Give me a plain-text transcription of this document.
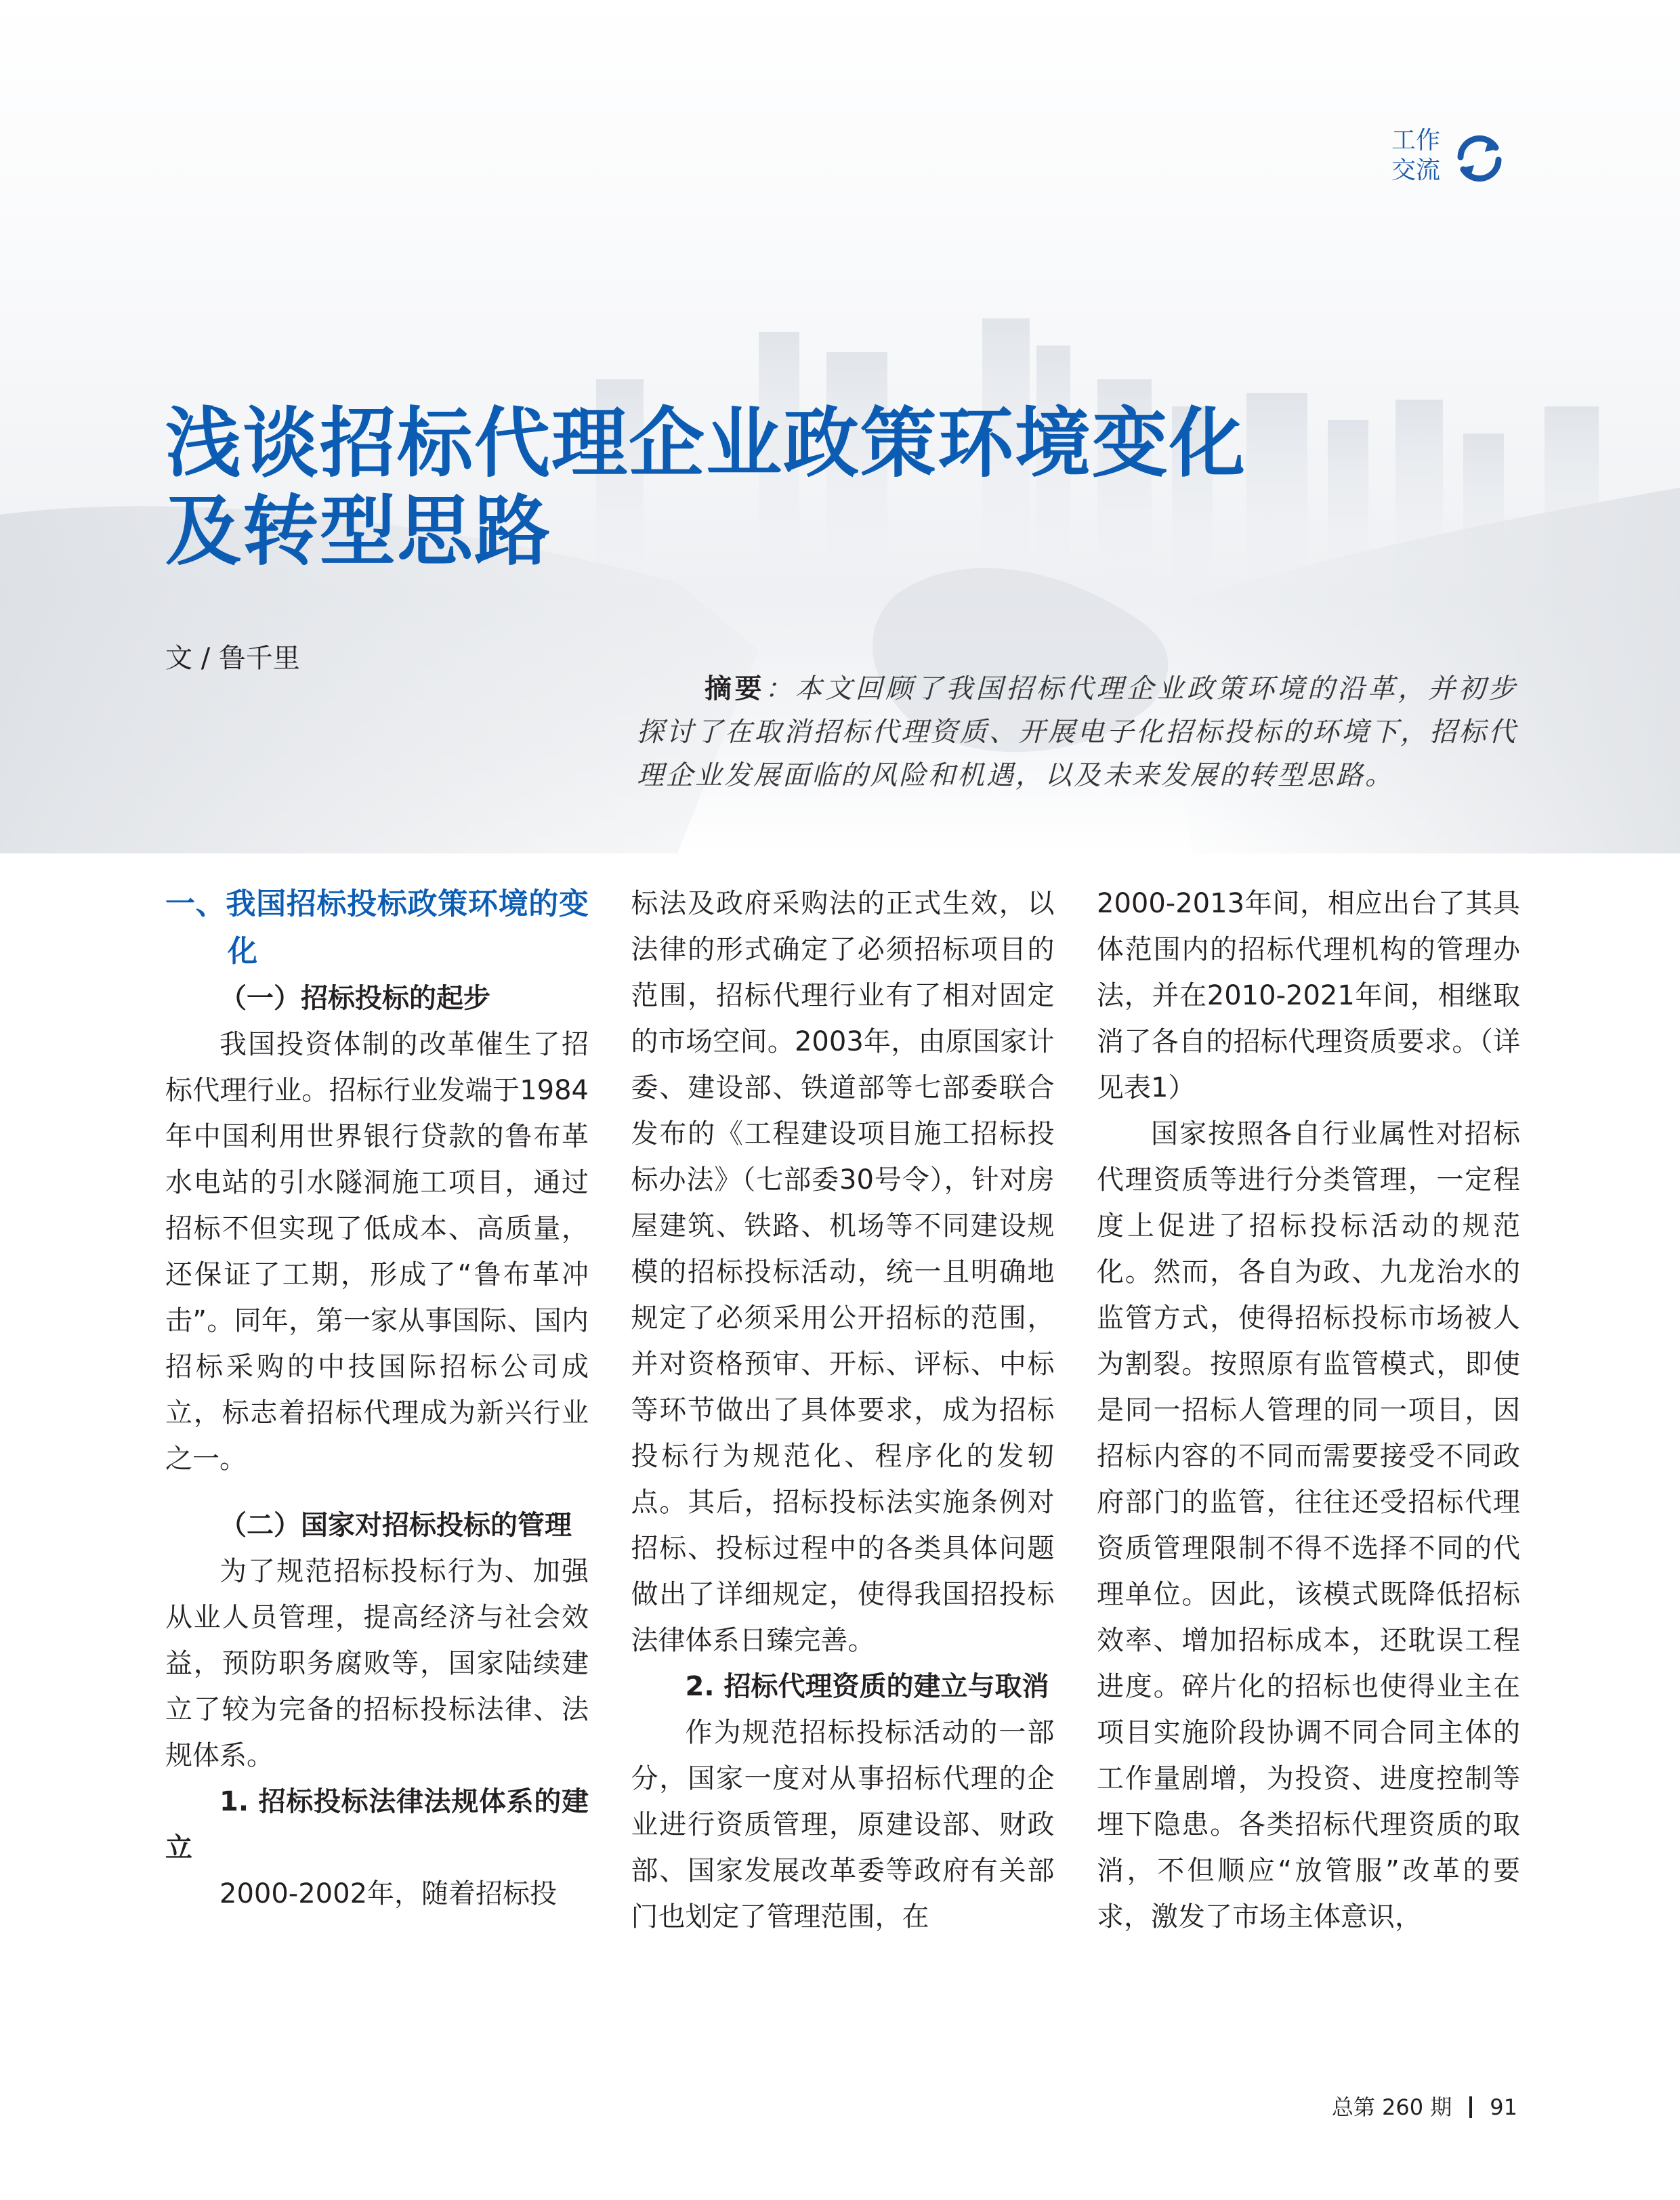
工作
交流
浅谈招标代理企业政策环境变化
及转型思路
文 / 鲁千里

摘要：本文回顾了我国招标代理企业政策环境的沿革，并初步探讨了在取消招标代理资质、开展电子化招标投标的环境下，招标代理企业发展面临的风险和机遇，以及未来发展的转型思路。

一、我国招标投标政策环境的变化

（一）招标投标的起步

我国投资体制的改革催生了招标代理行业。招标行业发端于1984年中国利用世界银行贷款的鲁布革水电站的引水隧洞施工项目，通过招标不但实现了低成本、高质量，还保证了工期，形成了“鲁布革冲击”。同年，第一家从事国际、国内招标采购的中技国际招标公司成立，标志着招标代理成为新兴行业之一。

（二）国家对招标投标的管理

为了规范招标投标行为、加强从业人员管理，提高经济与社会效益，预防职务腐败等，国家陆续建立了较为完备的招标投标法律、法规体系。

1. 招标投标法律法规体系的建立

2000-2002年，随着招标投

标法及政府采购法的正式生效，以法律的形式确定了必须招标项目的范围，招标代理行业有了相对固定的市场空间。2003年，由原国家计委、建设部、铁道部等七部委联合发布的《工程建设项目施工招标投标办法》（七部委30号令），针对房屋建筑、铁路、机场等不同建设规模的招标投标活动，统一且明确地规定了必须采用公开招标的范围，并对资格预审、开标、评标、中标等环节做出了具体要求，成为招标投标行为规范化、程序化的发轫点。其后，招标投标法实施条例对招标、投标过程中的各类具体问题做出了详细规定，使得我国招投标法律体系日臻完善。

2. 招标代理资质的建立与取消

作为规范招标投标活动的一部分，国家一度对从事招标代理的企业进行资质管理，原建设部、财政部、国家发展改革委等政府有关部门也划定了管理范围，在

2000-2013年间，相应出台了其具体范围内的招标代理机构的管理办法，并在2010-2021年间，相继取消了各自的招标代理资质要求。（详见表1）

国家按照各自行业属性对招标代理资质等进行分类管理，一定程度上促进了招标投标活动的规范化。然而，各自为政、九龙治水的监管方式，使得招标投标市场被人为割裂。按照原有监管模式，即使是同一招标人管理的同一项目，因招标内容的不同而需要接受不同政府部门的监管，往往还受招标代理资质管理限制不得不选择不同的代理单位。因此，该模式既降低招标效率、增加招标成本，还耽误工程进度。碎片化的招标也使得业主在项目实施阶段协调不同合同主体的工作量剧增，为投资、进度控制等埋下隐患。各类招标代理资质的取消，不但顺应“放管服”改革的要求，激发了市场主体意识，

总第 260 期 91
